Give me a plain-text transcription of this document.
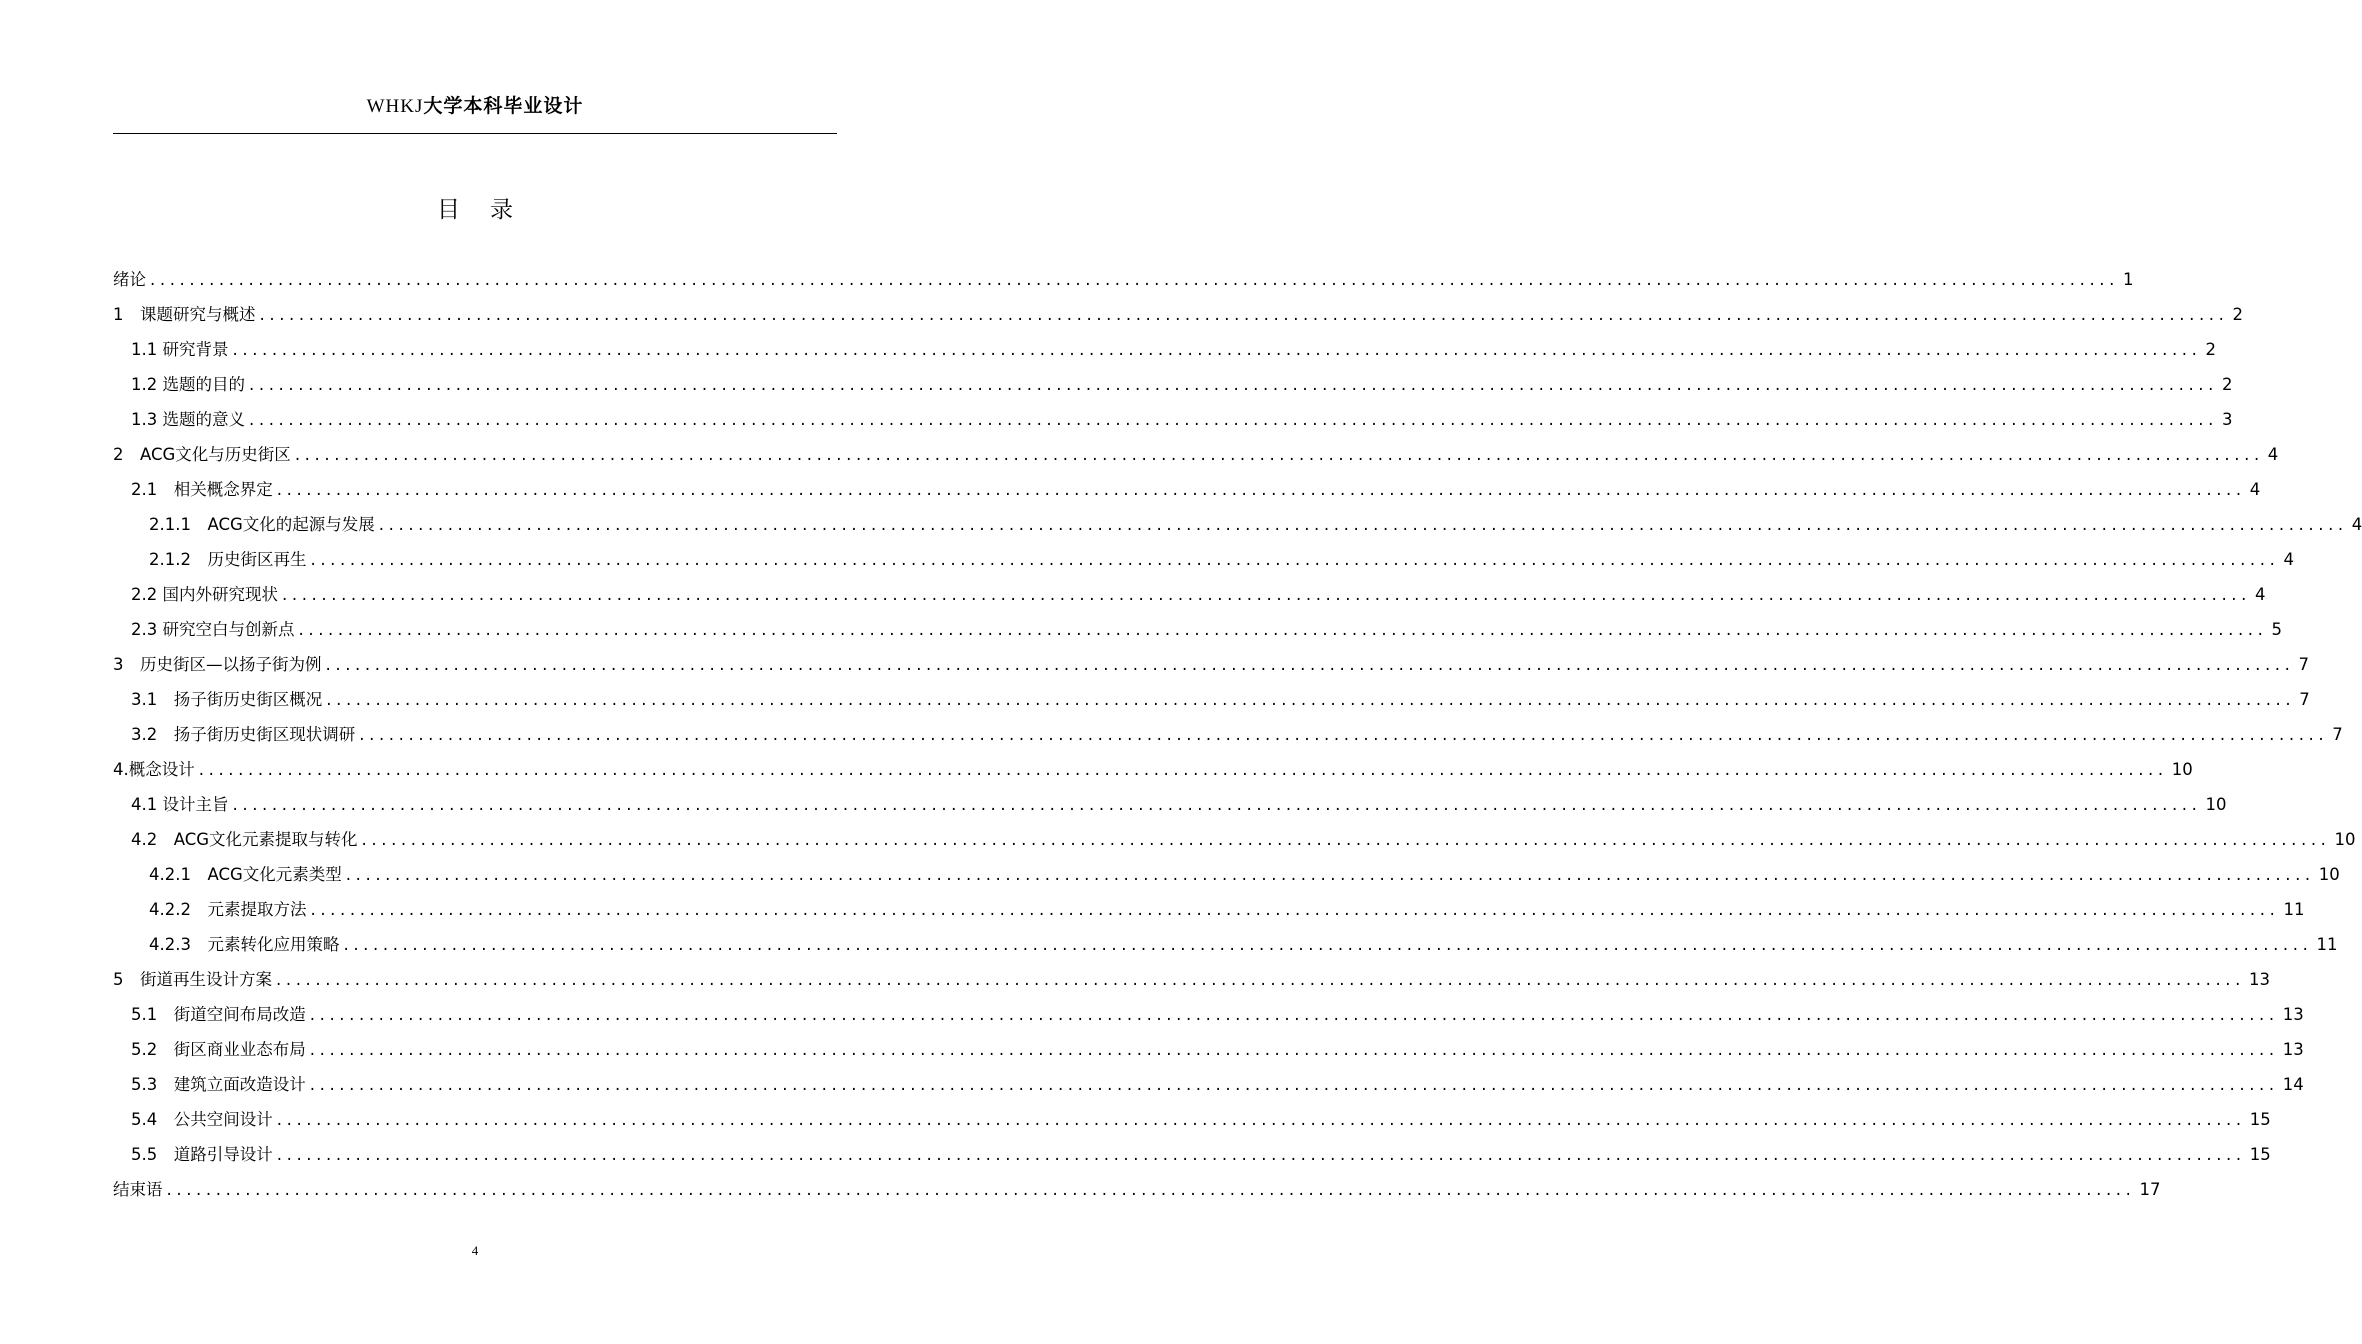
WHKJ大学本科毕业设计
目录
绪论 ........................................................................................................................................................................................................ 1
1　课题研究与概述 ........................................................................................................................................................................................................ 2
1.1 研究背景 ........................................................................................................................................................................................................ 2
1.2 选题的目的 ........................................................................................................................................................................................................ 2
1.3 选题的意义 ........................................................................................................................................................................................................ 3
2　ACG文化与历史街区 ........................................................................................................................................................................................................ 4
2.1　相关概念界定 ........................................................................................................................................................................................................ 4
2.1.1　ACG文化的起源与发展 ........................................................................................................................................................................................................ 4
2.1.2　历史街区再生 ........................................................................................................................................................................................................ 4
2.2 国内外研究现状 ........................................................................................................................................................................................................ 4
2.3 研究空白与创新点 ........................................................................................................................................................................................................ 5
3　历史街区—以扬子街为例 ........................................................................................................................................................................................................ 7
3.1　扬子街历史街区概况 ........................................................................................................................................................................................................ 7
3.2　扬子街历史街区现状调研 ........................................................................................................................................................................................................ 7
4.概念设计 ........................................................................................................................................................................................................ 10
4.1 设计主旨 ........................................................................................................................................................................................................ 10
4.2　ACG文化元素提取与转化 ........................................................................................................................................................................................................ 10
4.2.1　ACG文化元素类型 ........................................................................................................................................................................................................ 10
4.2.2　元素提取方法 ........................................................................................................................................................................................................ 11
4.2.3　元素转化应用策略 ........................................................................................................................................................................................................ 11
5　街道再生设计方案 ........................................................................................................................................................................................................ 13
5.1　街道空间布局改造 ........................................................................................................................................................................................................ 13
5.2　街区商业业态布局 ........................................................................................................................................................................................................ 13
5.3　建筑立面改造设计 ........................................................................................................................................................................................................ 14
5.4　公共空间设计 ........................................................................................................................................................................................................ 15
5.5　道路引导设计 ........................................................................................................................................................................................................ 15
结束语 ........................................................................................................................................................................................................ 17
4
